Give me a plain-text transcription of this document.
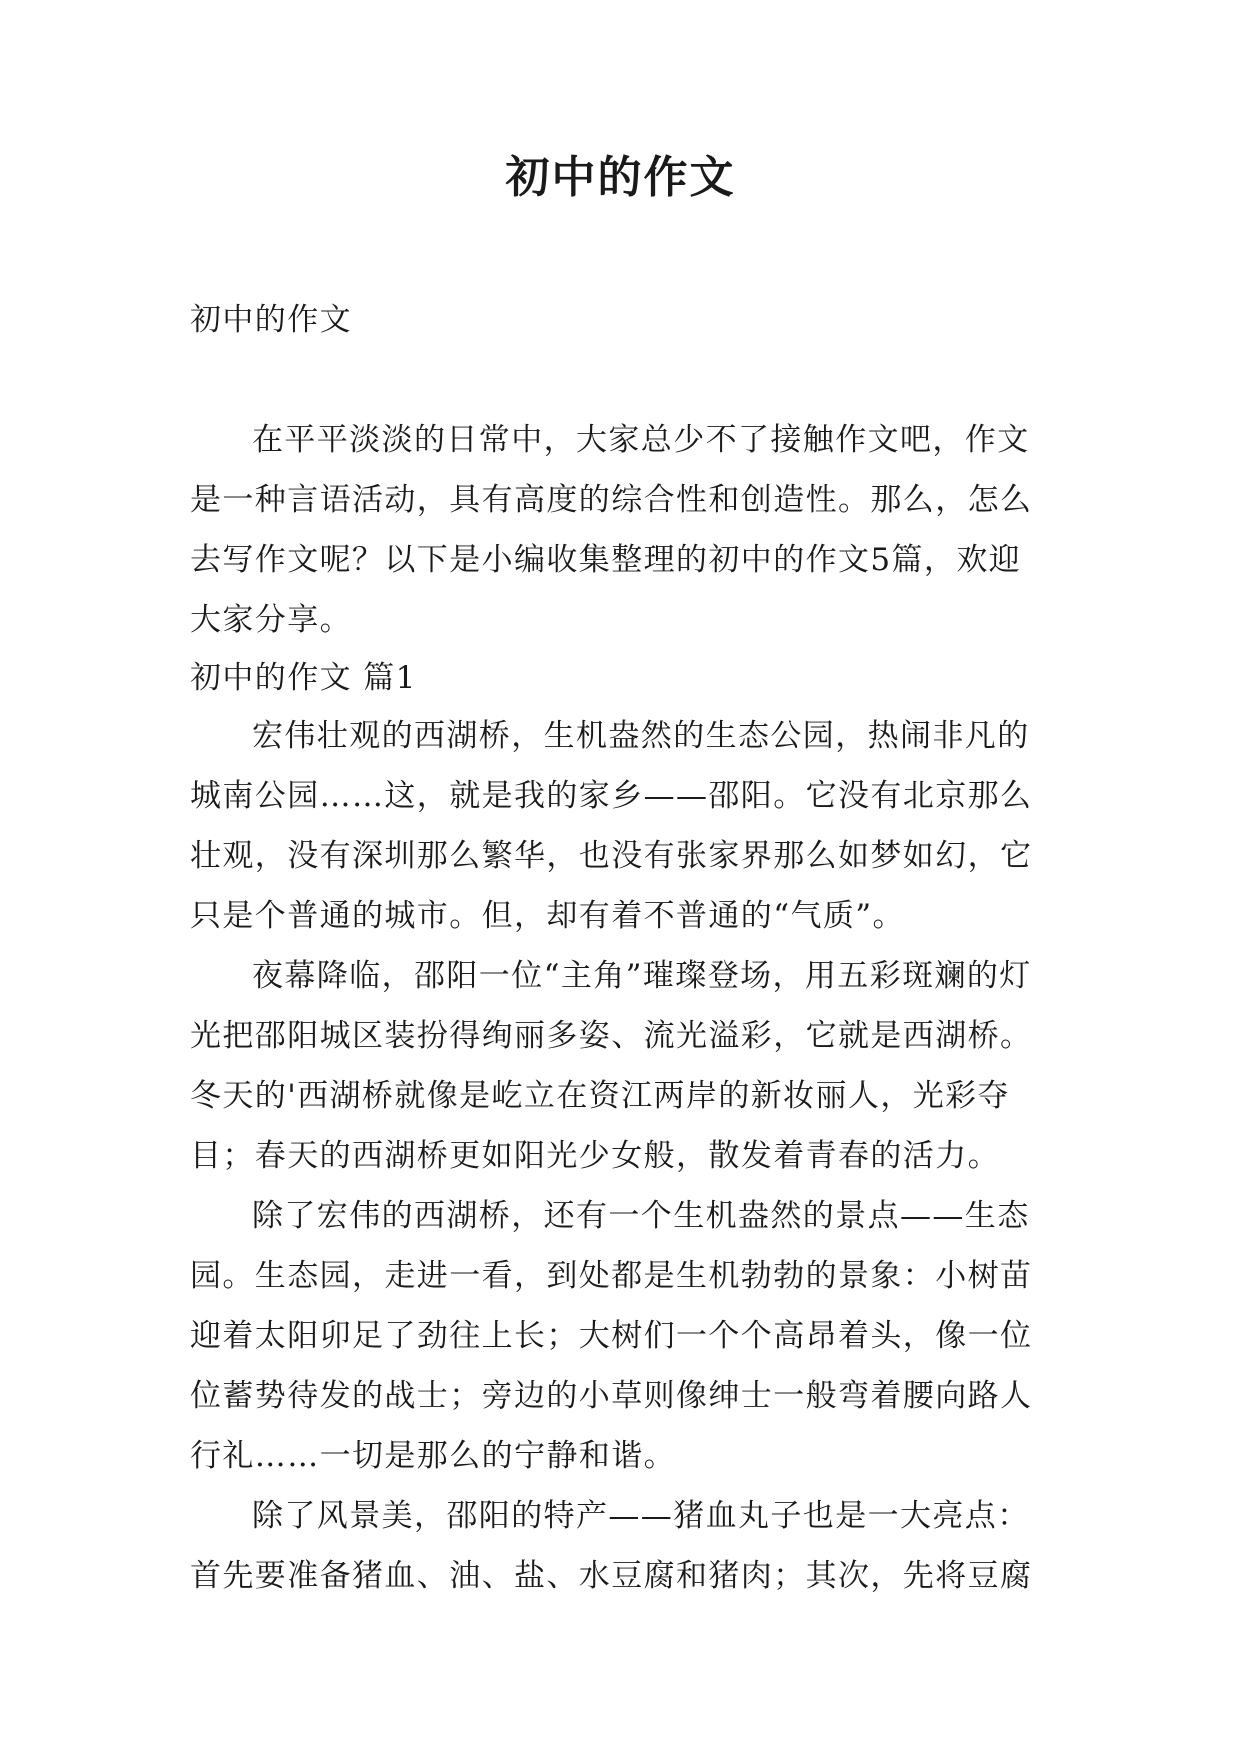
初中的作文

初中的作文

在平平淡淡的日常中，大家总少不了接触作文吧，作文是一种言语活动，具有高度的综合性和创造性。那么，怎么去写作文呢？以下是小编收集整理的初中的作文5篇，欢迎大家分享。

初中的作文 篇1

宏伟壮观的西湖桥，生机盎然的生态公园，热闹非凡的城南公园……这，就是我的家乡——邵阳。它没有北京那么壮观，没有深圳那么繁华，也没有张家界那么如梦如幻，它只是个普通的城市。但，却有着不普通的“气质”。

夜幕降临，邵阳一位“主角”璀璨登场，用五彩斑斓的灯光把邵阳城区装扮得绚丽多姿、流光溢彩，它就是西湖桥。冬天的'西湖桥就像是屹立在资江两岸的新妆丽人，光彩夺目；春天的西湖桥更如阳光少女般，散发着青春的活力。

除了宏伟的西湖桥，还有一个生机盎然的景点——生态园。生态园，走进一看，到处都是生机勃勃的景象：小树苗迎着太阳卯足了劲往上长；大树们一个个高昂着头，像一位位蓄势待发的战士；旁边的小草则像绅士一般弯着腰向路人行礼……一切是那么的宁静和谐。

除了风景美，邵阳的特产——猪血丸子也是一大亮点：首先要准备猪血、油、盐、水豆腐和猪肉；其次，先将豆腐
